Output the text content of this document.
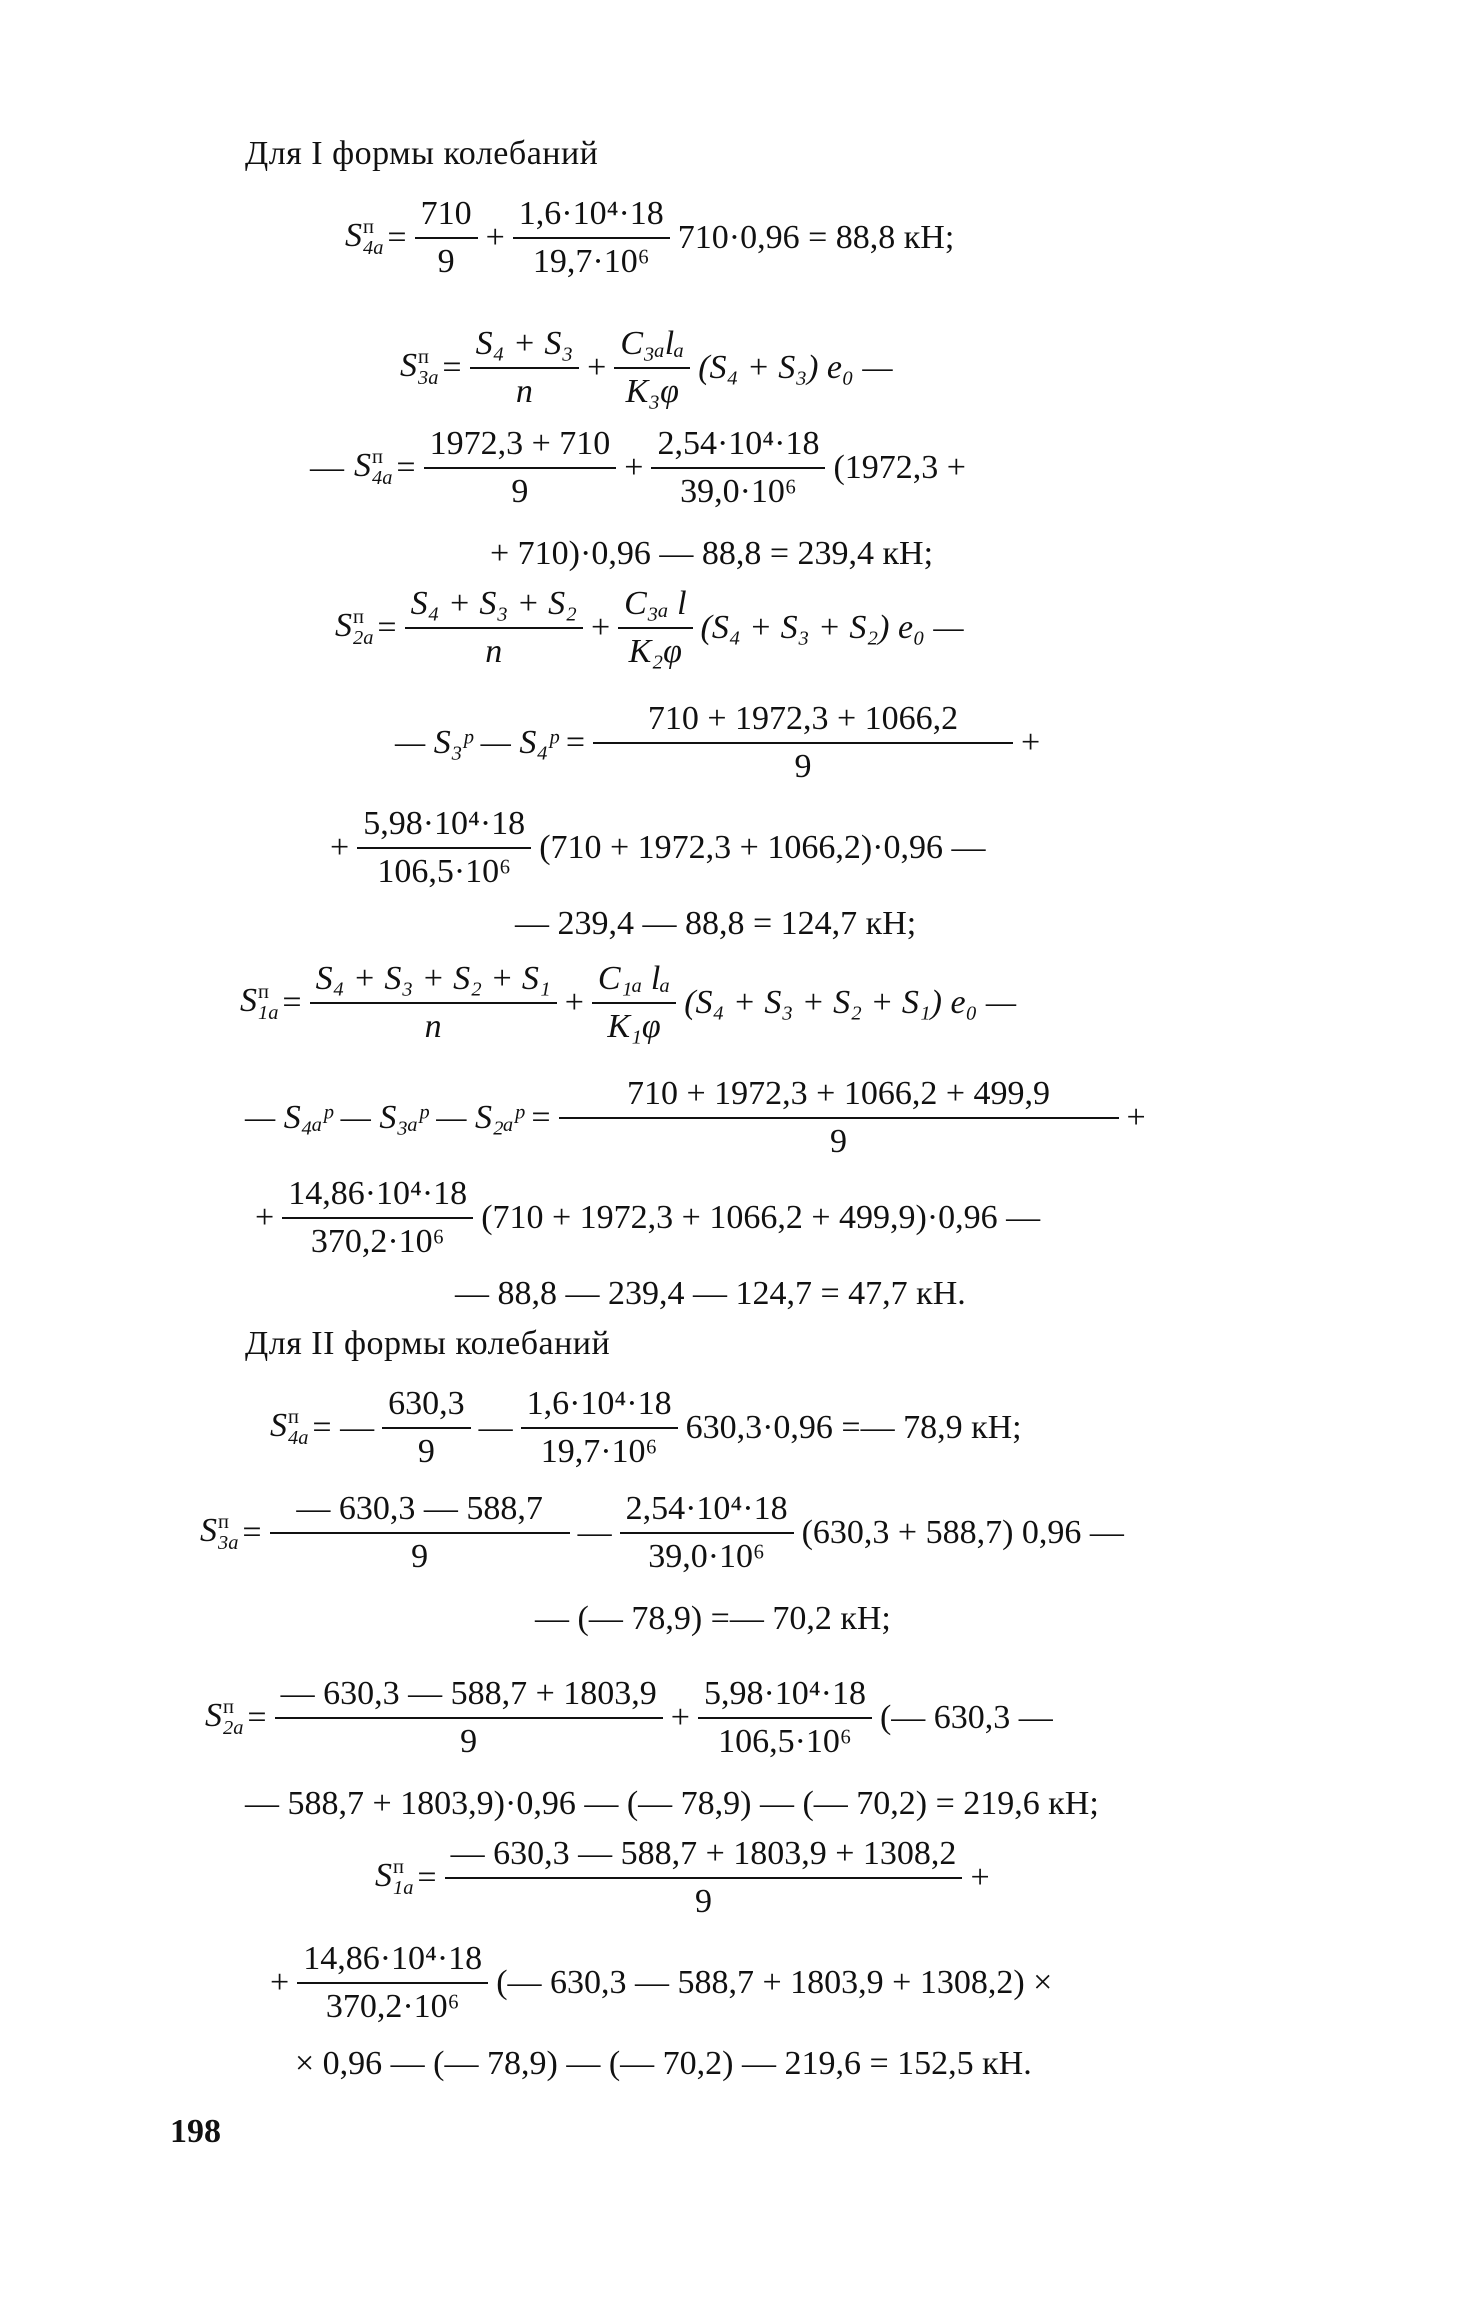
Для I формы колебаний
S п
$4a = \frac{710}{9} + \frac{\text{1,6·10⁴·18}}{\text{19,7·10⁶}} 710\cdot 0,96 = 88,8$ кН;
S п
$3a = \frac{\text{S₄ + S₃}}{n} + \frac{\text{C₃ₐlₐ}}{\text{K₃φ}} (S_4 + S_3)$ e₀ —
— S п
$4a = \frac{1972,3 + 710}{9} + \frac{\text{2,54·10⁴·18}}{\text{39,0·10⁶}} (1972,3$ +
+ 710)·0,96 — 88,8 = 239,4 кН;
S п
$2a = \frac{\text{S₄ + S₃ + S₂}}{n} + \frac{\text{C₃ₐ l}}{\text{K₂φ}} (S_4 + S_3 + S_2)$ e₀ —
— S₃ᵖ — S₄ᵖ = $\frac{710 + 1972,3 + 1066,2}{9}$ +
+ $\frac{\text{5,98·10⁴·18}}{\text{106,5·10⁶}} (710 + 1972,3 + 1066,2)\cdot 0,96$ —
— 239,4 — 88,8 = 124,7 кН;
S п
$1a = \frac{\text{S₄ + S₃ + S₂ + S₁}}{n} + \frac{\text{C₁ₐ lₐ}}{\text{K₁φ}} (S_4 + S_3 + S_2 + S_1)$ e₀ —
— S₄ₐᵖ — S₃ₐᵖ — S₂ₐᵖ = $\frac{710 + 1972,3 + 1066,2 + 499,9}{9}$ +
+ $\frac{\text{14,86·10⁴·18}}{\text{370,2·10⁶}} (710 + 1972,3 + 1066,2 + 499,9)\cdot 0,96$ —
— 88,8 — 239,4 — 124,7 = 47,7 кН.
Для II формы колебаний
S п
4a = — $\frac{630,3}{9}$ — $\frac{\text{1,6·10⁴·18}}{\text{19,7·10⁶}} 630,3\cdot 0,96$ =— 78,9 кН;
S п
$3a = \frac{— 630,3 — 588,7}{9}$ — $\frac{\text{2,54·10⁴·18}}{\text{39,0·10⁶}} (630,3 + 588,7)$ 0,96 —
— (— 78,9) =— 70,2 кН;
S п
$2a = \frac{— 630,3 — 588,7 + 1803,9}{9} + \frac{\text{5,98·10⁴·18}}{\text{106,5·10⁶}}$ (— 630,3 —
— 588,7 + 1803,9)·0,96 — (— 78,9) — (— 70,2) = 219,6 кН;
S п
$1a = \frac{— 630,3 — 588,7 + 1803,9 + 1308,2}{9}$ +
+ $\frac{\text{14,86·10⁴·18}}{\text{370,2·10⁶}}$ (— 630,3 — 588,7 + 1803,9 + 1308,2) ×
× 0,96 — (— 78,9) — (— 70,2) — 219,6 = 152,5 кН.
198
